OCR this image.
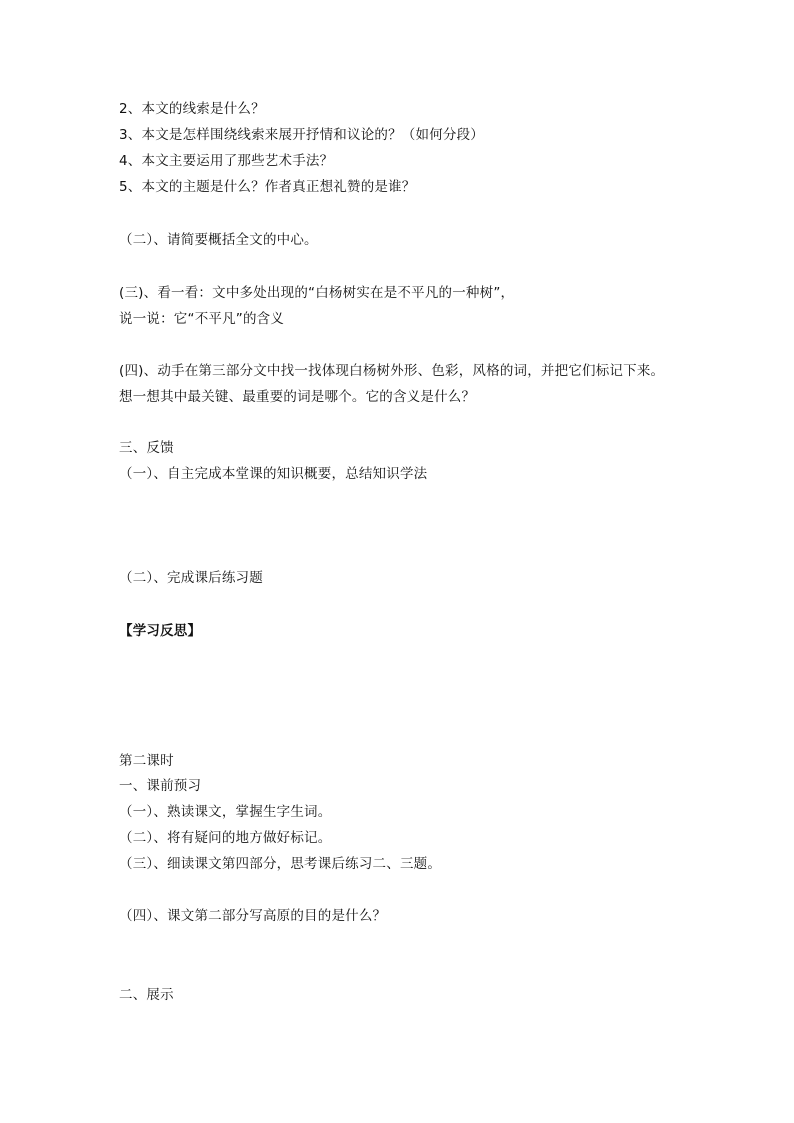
2、本文的线索是什么？
3、本文是怎样围绕线索来展开抒情和议论的？（如何分段）
4、本文主要运用了那些艺术手法？
5、本文的主题是什么？作者真正想礼赞的是谁？
（二）、请简要概括全文的中心。
(三)、看一看：文中多处出现的“白杨树实在是不平凡的一种树”，
说一说：它“不平凡”的含义
(四)、动手在第三部分文中找一找体现白杨树外形、色彩，风格的词，并把它们标记下来。
想一想其中最关键、最重要的词是哪个。它的含义是什么？
三、反馈
（一）、自主完成本堂课的知识概要，总结知识学法
（二）、完成课后练习题
【学习反思】
第二课时
一、课前预习
（一）、熟读课文，掌握生字生词。
（二）、将有疑问的地方做好标记。
（三）、细读课文第四部分，思考课后练习二、三题。
（四）、课文第二部分写高原的目的是什么？
二、展示
